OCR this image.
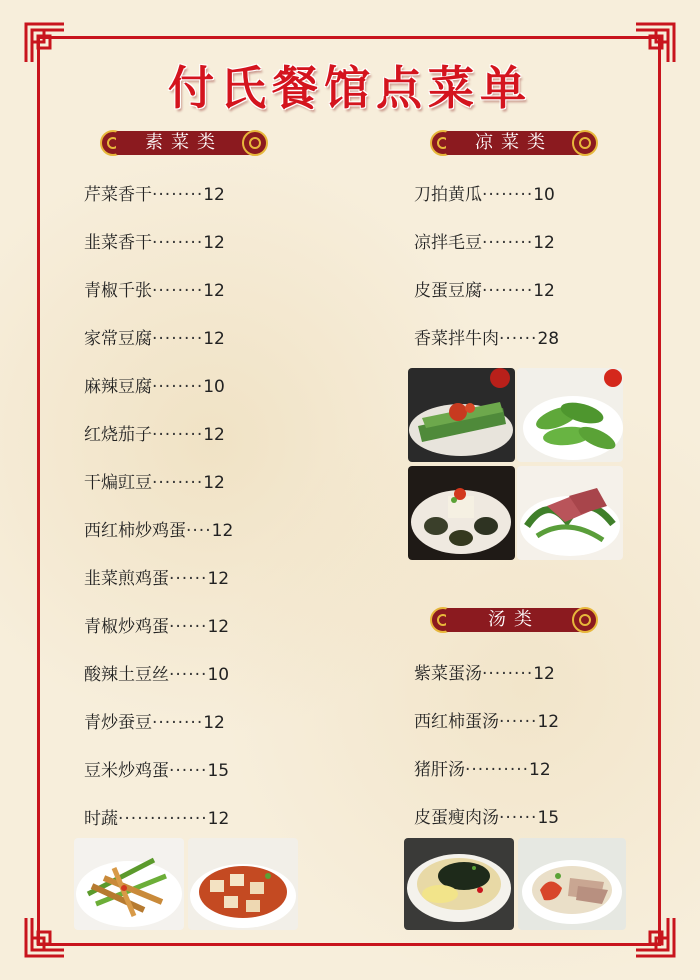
付氏餐馆点菜单
素菜类	凉菜类
汤类
芹菜香干········12
韭菜香干········12
青椒千张········12
家常豆腐········12
麻辣豆腐········10
红烧茄子········12
干煸豇豆········12
西红柿炒鸡蛋····12
韭菜煎鸡蛋······12
青椒炒鸡蛋······12
酸辣土豆丝······10
青炒蚕豆········12
豆米炒鸡蛋······15
时蔬··············12
刀拍黄瓜········10
凉拌毛豆········12
皮蛋豆腐········12
香菜拌牛肉······28
紫菜蛋汤········12
西红柿蛋汤······12
猪肝汤··········12
皮蛋瘦肉汤······15
